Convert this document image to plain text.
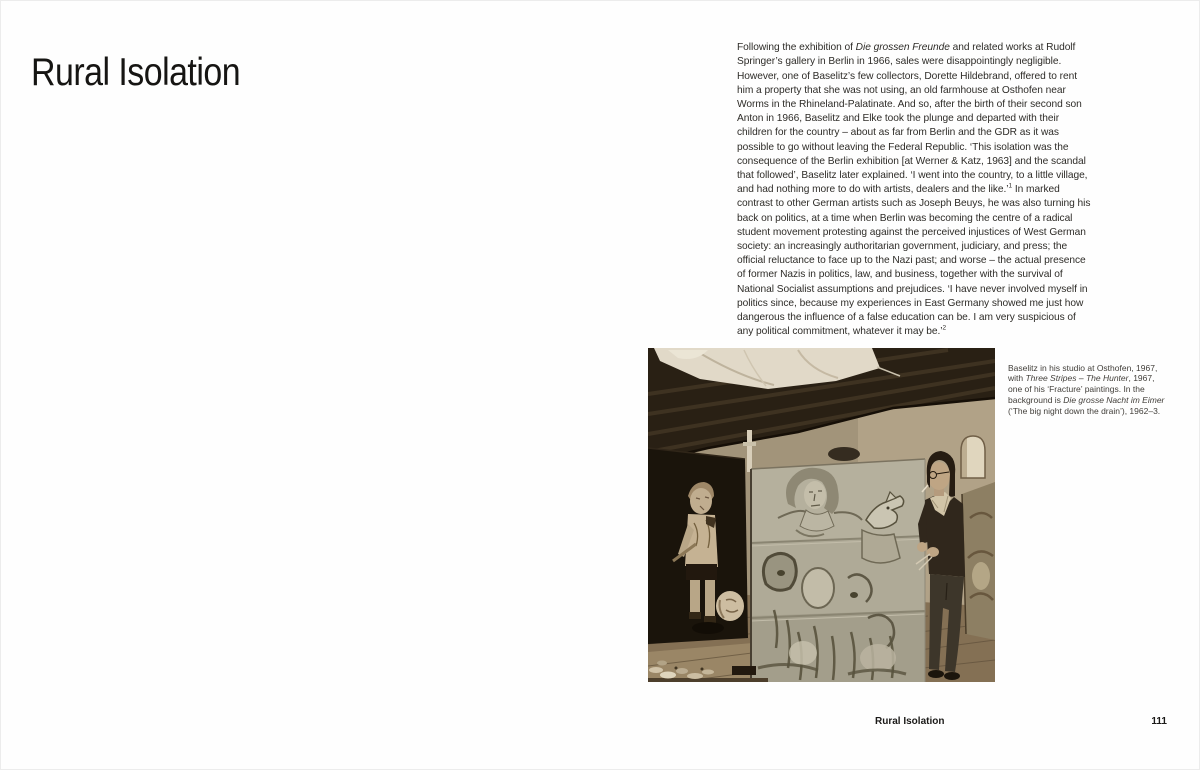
Rural Isolation

Following the exhibition of Die grossen Freunde and related works at Rudolf Springer’s gallery in Berlin in 1966, sales were disappointingly negligible. However, one of Baselitz’s few collectors, Dorette Hildebrand, offered to rent him a property that she was not using, an old farmhouse at Osthofen near Worms in the Rhineland-Palatinate. And so, after the birth of their second son Anton in 1966, Baselitz and Elke took the plunge and departed with their children for the country – about as far from Berlin and the GDR as it was possible to go without leaving the Federal Republic. ‘This isolation was the consequence of the Berlin exhibition [at Werner & Katz, 1963] and the scandal that followed’, Baselitz later explained. ‘I went into the country, to a little village, and had nothing more to do with artists, dealers and the like.’$^1$ In marked contrast to other German artists such as Joseph Beuys, he was also turning his back on politics, at a time when Berlin was becoming the centre of a radical student movement protesting against the perceived injustices of West German society: an increasingly authoritarian government, judiciary, and press; the official reluctance to face up to the Nazi past; and worse – the actual presence of former Nazis in politics, law, and business, together with the survival of National Socialist assumptions and prejudices. ‘I have never involved myself in politics since, because my experiences in East Germany showed me just how dangerous the influence of a false education can be. I am very suspicious of any political commitment, whatever it may be.’$^2$

Baselitz in his studio at Osthofen, 1967, with Three Stripes – The Hunter, 1967, one of his ‘Fracture’ paintings. In the background is Die grosse Nacht im Eimer (‘The big night down the drain’), 1962–3.

Rural Isolation	111
